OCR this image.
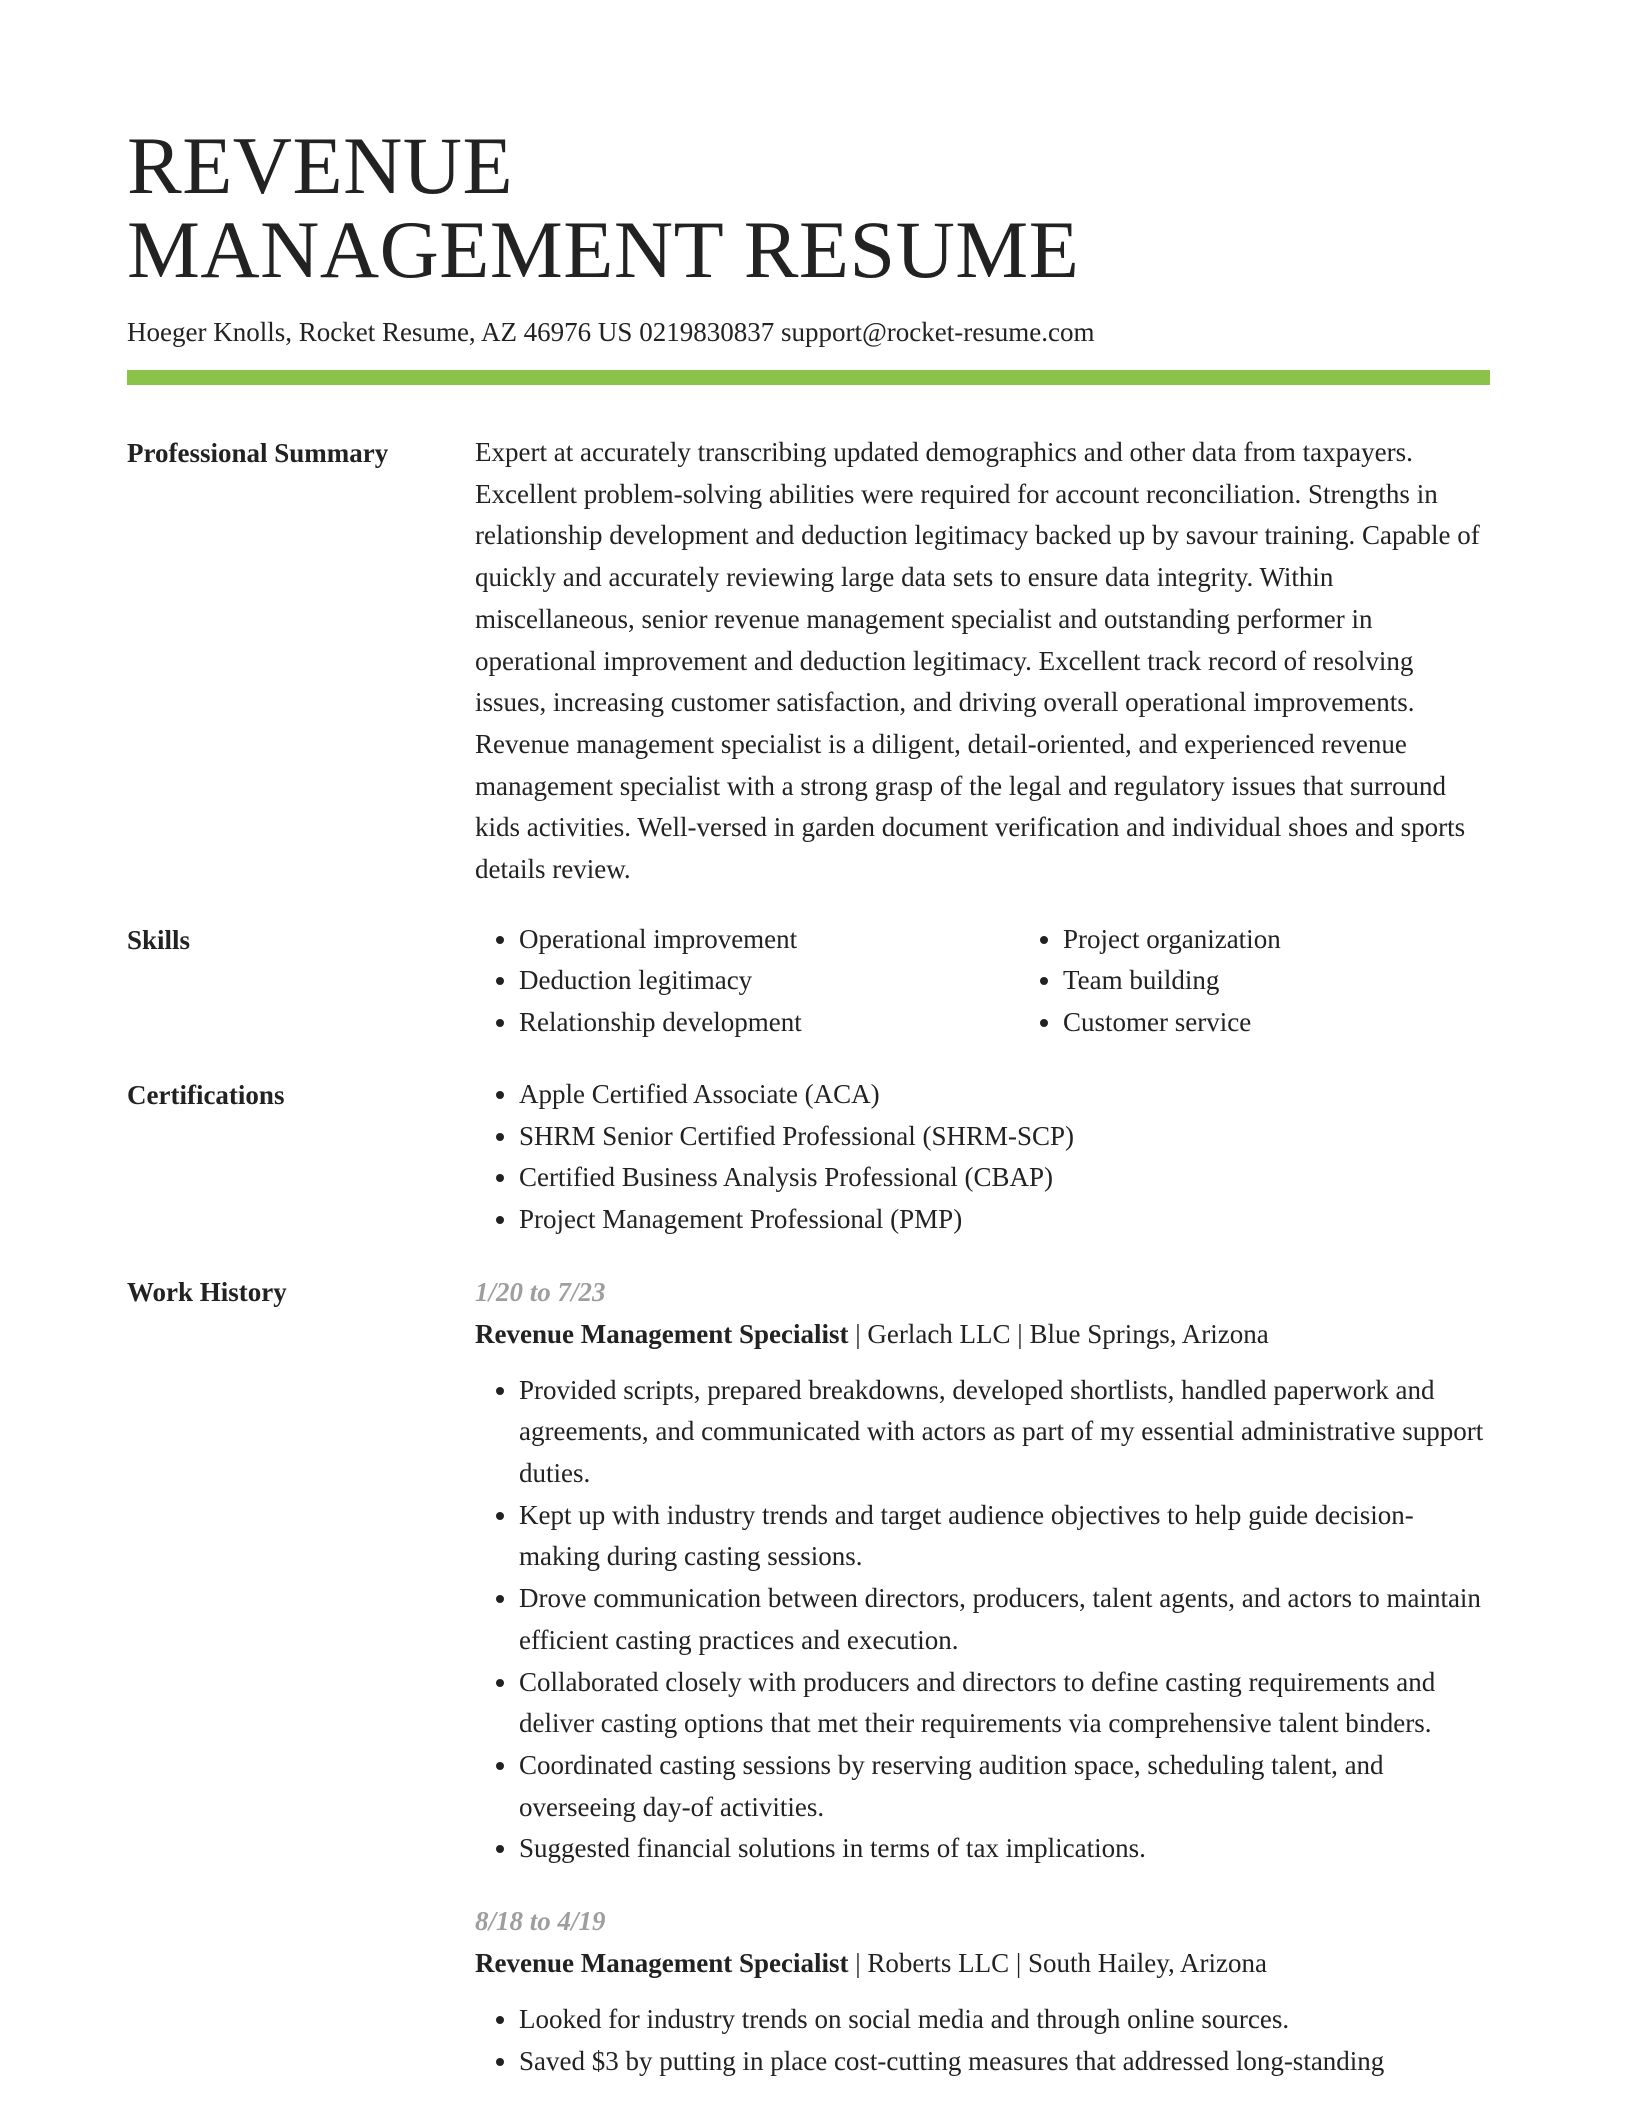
REVENUE
MANAGEMENT RESUME
Hoeger Knolls, Rocket Resume, AZ 46976 US 0219830837 support@rocket-resume.com
Professional Summary	Expert at accurately transcribing updated demographics and other data from taxpayers. Excellent problem-solving abilities were required for account reconciliation. Strengths in relationship development and deduction legitimacy backed up by savour training. Capable of quickly and accurately reviewing large data sets to ensure data integrity. Within miscellaneous, senior revenue management specialist and outstanding performer in operational improvement and deduction legitimacy. Excellent track record of resolving issues, increasing customer satisfaction, and driving overall operational improvements. Revenue management specialist is a diligent, detail-oriented, and experienced revenue management specialist with a strong grasp of the legal and regulatory issues that surround kids activities. Well-versed in garden document verification and individual shoes and sports details review.

Skills	• Operational improvement
• Deduction legitimacy
• Relationship development
• Project organization
• Team building
• Customer service
Certifications	• Apple Certified Associate (ACA)
• SHRM Senior Certified Professional (SHRM-SCP)
• Certified Business Analysis Professional (CBAP)
• Project Management Professional (PMP)
Work History	1/20 to 7/23
Revenue Management Specialist | Gerlach LLC | Blue Springs, Arizona
• Provided scripts, prepared breakdowns, developed shortlists, handled paperwork and agreements, and communicated with actors as part of my essential administrative support duties.
• Kept up with industry trends and target audience objectives to help guide decision-making during casting sessions.
• Drove communication between directors, producers, talent agents, and actors to maintain efficient casting practices and execution.
• Collaborated closely with producers and directors to define casting requirements and deliver casting options that met their requirements via comprehensive talent binders.
• Coordinated casting sessions by reserving audition space, scheduling talent, and overseeing day-of activities.
• Suggested financial solutions in terms of tax implications.
8/18 to 4/19
Revenue Management Specialist | Roberts LLC | South Hailey, Arizona
• Looked for industry trends on social media and through online sources.
• Saved $3 by putting in place cost-cutting measures that addressed long-standing
